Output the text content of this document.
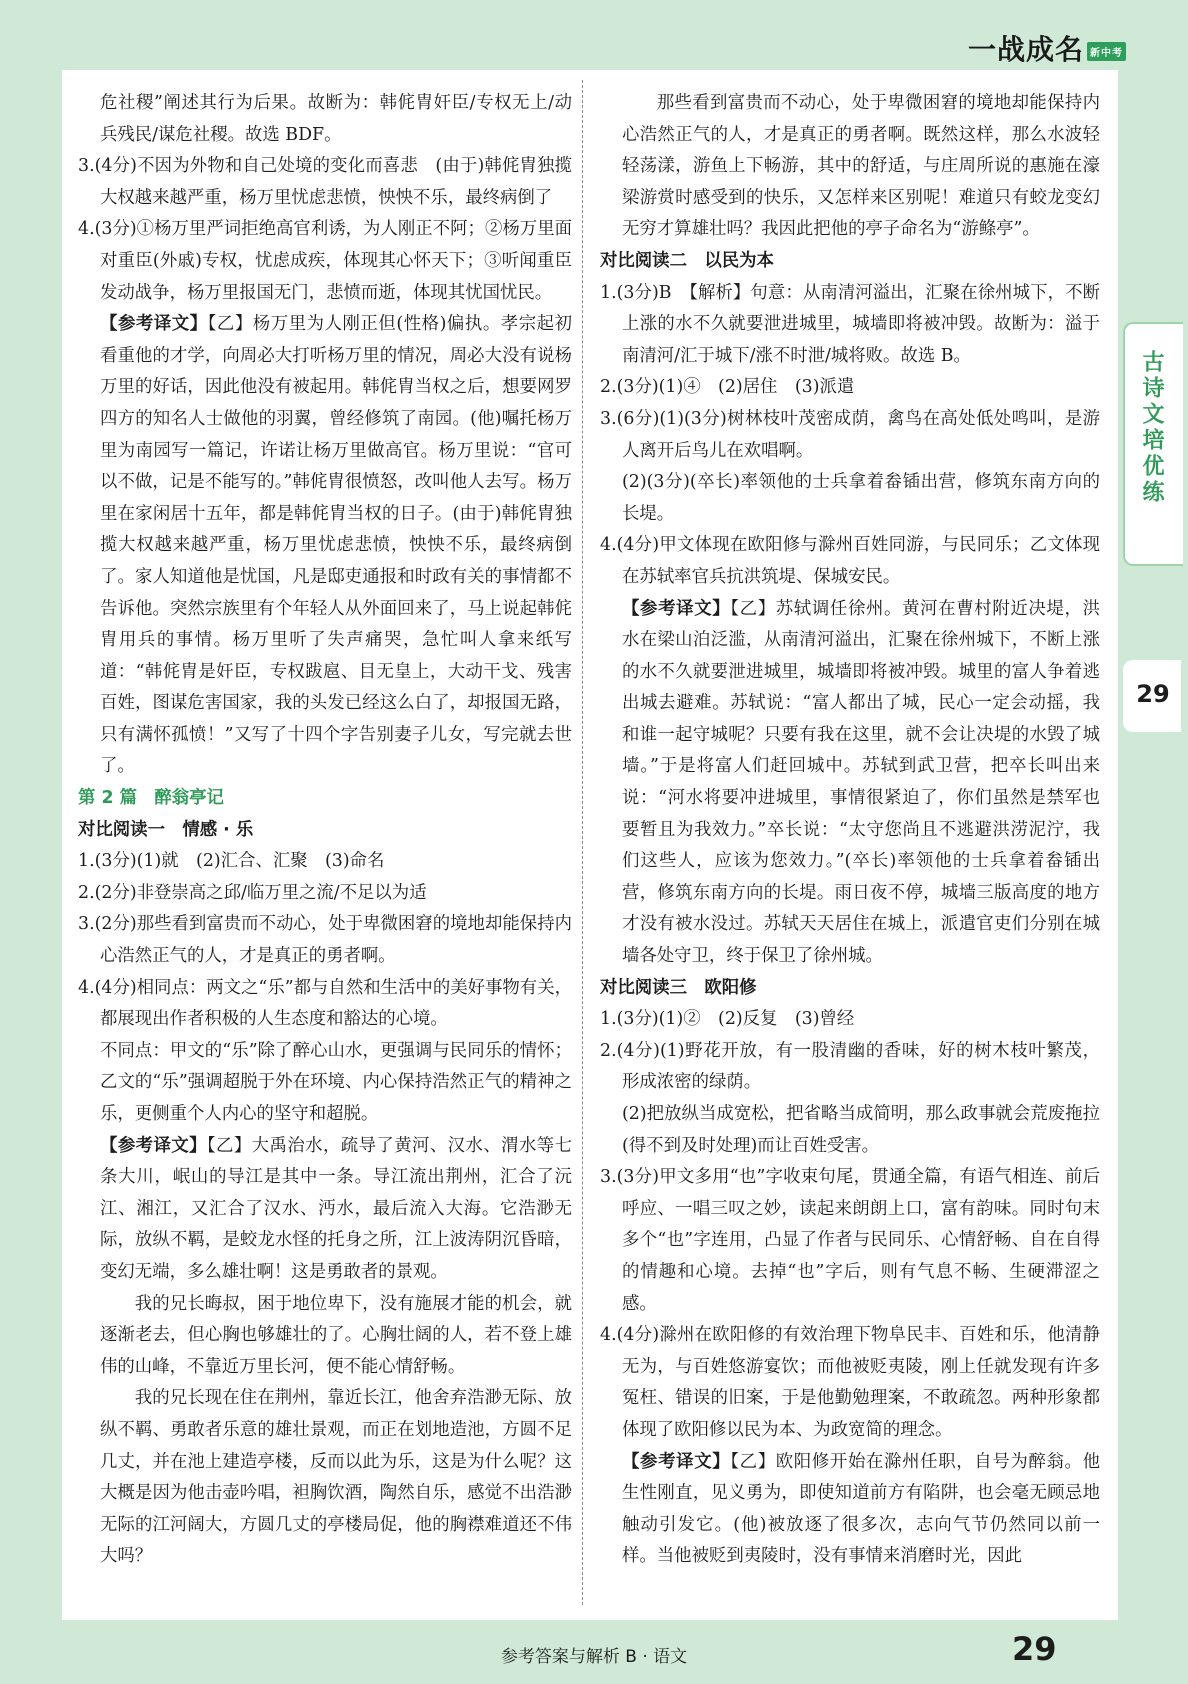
一战成名 新中考
古诗文培优练
29

危社稷”阐述其行为后果。故断为：韩侂胄奸臣/专权无上/动兵残民/谋危社稷。故选 BDF。

3.(4分)不因为外物和自己处境的变化而喜悲　(由于)韩侂胄独揽大权越来越严重，杨万里忧虑悲愤，怏怏不乐，最终病倒了

4.(3分)①杨万里严词拒绝高官利诱，为人刚正不阿；②杨万里面对重臣(外戚)专权，忧虑成疾，体现其心怀天下；③听闻重臣发动战争，杨万里报国无门，悲愤而逝，体现其忧国忧民。

【参考译文】【乙】杨万里为人刚正但(性格)偏执。孝宗起初看重他的才学，向周必大打听杨万里的情况，周必大没有说杨万里的好话，因此他没有被起用。韩侂胄当权之后，想要网罗四方的知名人士做他的羽翼，曾经修筑了南园。(他)嘱托杨万里为南园写一篇记，许诺让杨万里做高官。杨万里说：“官可以不做，记是不能写的。”韩侂胄很愤怒，改叫他人去写。杨万里在家闲居十五年，都是韩侂胄当权的日子。(由于)韩侂胄独揽大权越来越严重，杨万里忧虑悲愤，怏怏不乐，最终病倒了。家人知道他是忧国，凡是邸吏通报和时政有关的事情都不告诉他。突然宗族里有个年轻人从外面回来了，马上说起韩侂胄用兵的事情。杨万里听了失声痛哭，急忙叫人拿来纸写道：“韩侂胄是奸臣，专权跋扈、目无皇上，大动干戈、残害百姓，图谋危害国家，我的头发已经这么白了，却报国无路，只有满怀孤愤！”又写了十四个字告别妻子儿女，写完就去世了。

第 2 篇　醉翁亭记

对比阅读一　情感 · 乐

1.(3分)(1)就　(2)汇合、汇聚　(3)命名

2.(2分)非登崇高之邱/临万里之流/不足以为适

3.(2分)那些看到富贵而不动心，处于卑微困窘的境地却能保持内心浩然正气的人，才是真正的勇者啊。

4.(4分)相同点：两文之“乐”都与自然和生活中的美好事物有关，都展现出作者积极的人生态度和豁达的心境。

不同点：甲文的“乐”除了醉心山水，更强调与民同乐的情怀；乙文的“乐”强调超脱于外在环境、内心保持浩然正气的精神之乐，更侧重个人内心的坚守和超脱。

【参考译文】【乙】大禹治水，疏导了黄河、汉水、渭水等七条大川，岷山的导江是其中一条。导江流出荆州，汇合了沅江、湘江，又汇合了汉水、沔水，最后流入大海。它浩渺无际，放纵不羁，是蛟龙水怪的托身之所，江上波涛阴沉昏暗，变幻无端，多么雄壮啊！这是勇敢者的景观。

我的兄长晦叔，困于地位卑下，没有施展才能的机会，就逐渐老去，但心胸也够雄壮的了。心胸壮阔的人，若不登上雄伟的山峰，不靠近万里长河，便不能心情舒畅。

我的兄长现在住在荆州，靠近长江，他舍弃浩渺无际、放纵不羁、勇敢者乐意的雄壮景观，而正在划地造池，方圆不足几丈，并在池上建造亭楼，反而以此为乐，这是为什么呢？这大概是因为他击壶吟唱，袒胸饮酒，陶然自乐，感觉不出浩渺无际的江河阔大，方圆几丈的亭楼局促，他的胸襟难道还不伟大吗？

那些看到富贵而不动心，处于卑微困窘的境地却能保持内心浩然正气的人，才是真正的勇者啊。既然这样，那么水波轻轻荡漾，游鱼上下畅游，其中的舒适，与庄周所说的惠施在濠梁游赏时感受到的快乐，又怎样来区别呢！难道只有蛟龙变幻无穷才算雄壮吗？我因此把他的亭子命名为“游鲦亭”。

对比阅读二　以民为本

1.(3分)B　【解析】句意：从南清河溢出，汇聚在徐州城下，不断上涨的水不久就要泄进城里，城墙即将被冲毁。故断为：溢于南清河/汇于城下/涨不时泄/城将败。故选 B。

2.(3分)(1)④　(2)居住　(3)派遣

3.(6分)(1)(3分)树林枝叶茂密成荫，禽鸟在高处低处鸣叫，是游人离开后鸟儿在欢唱啊。

(2)(3分)(卒长)率领他的士兵拿着畚锸出营，修筑东南方向的长堤。

4.(4分)甲文体现在欧阳修与滁州百姓同游，与民同乐；乙文体现在苏轼率官兵抗洪筑堤、保城安民。

【参考译文】【乙】苏轼调任徐州。黄河在曹村附近决堤，洪水在梁山泊泛滥，从南清河溢出，汇聚在徐州城下，不断上涨的水不久就要泄进城里，城墙即将被冲毁。城里的富人争着逃出城去避难。苏轼说：“富人都出了城，民心一定会动摇，我和谁一起守城呢？只要有我在这里，就不会让决堤的水毁了城墙。”于是将富人们赶回城中。苏轼到武卫营，把卒长叫出来说：“河水将要冲进城里，事情很紧迫了，你们虽然是禁军也要暂且为我效力。”卒长说：“太守您尚且不逃避洪涝泥泞，我们这些人，应该为您效力。”(卒长)率领他的士兵拿着畚锸出营，修筑东南方向的长堤。雨日夜不停，城墙三版高度的地方才没有被水没过。苏轼天天居住在城上，派遣官吏们分别在城墙各处守卫，终于保卫了徐州城。

对比阅读三　欧阳修

1.(3分)(1)②　(2)反复　(3)曾经

2.(4分)(1)野花开放，有一股清幽的香味，好的树木枝叶繁茂，形成浓密的绿荫。

(2)把放纵当成宽松，把省略当成简明，那么政事就会荒废拖拉(得不到及时处理)而让百姓受害。

3.(3分)甲文多用“也”字收束句尾，贯通全篇，有语气相连、前后呼应、一唱三叹之妙，读起来朗朗上口，富有韵味。同时句末多个“也”字连用，凸显了作者与民同乐、心情舒畅、自在自得的情趣和心境。去掉“也”字后，则有气息不畅、生硬滞涩之感。

4.(4分)滁州在欧阳修的有效治理下物阜民丰、百姓和乐，他清静无为，与百姓悠游宴饮；而他被贬夷陵，刚上任就发现有许多冤枉、错误的旧案，于是他勤勉理案，不敢疏忽。两种形象都体现了欧阳修以民为本、为政宽简的理念。

【参考译文】【乙】欧阳修开始在滁州任职，自号为醉翁。他生性刚直，见义勇为，即使知道前方有陷阱，也会毫无顾忌地触动引发它。(他)被放逐了很多次，志向气节仍然同以前一样。当他被贬到夷陵时，没有事情来消磨时光，因此

参考答案与解析 B · 语文	29
